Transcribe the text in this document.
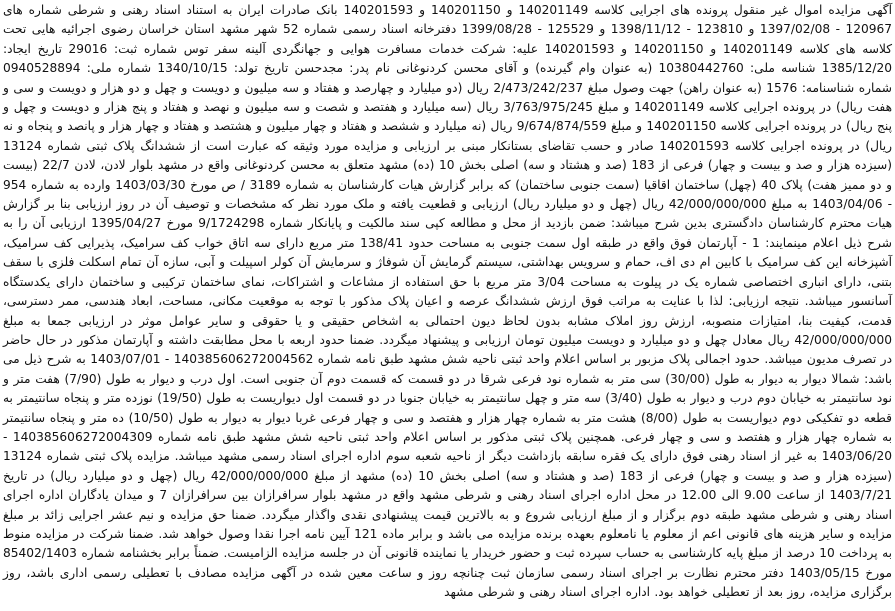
آگهی مزایده اموال غیر منقول پرونده های اجرایی کلاسه 140201149 و 140201150 و 140201593 بانک صادرات ایران به استناد اسناد رهنی و شرطی شماره های 120967 - 1397/02/08 و 123810 - 1398/11/12 و 125529 - 1399/08/28 دفترخانه اسناد رسمی شماره 52 شهر مشهد استان خراسان رضوی اجرائیه هایی تحت کلاسه های کلاسه 140201149 و 140201150 و 140201593 علیه: شرکت خدمات مسافرت هوایی و جهانگردی آلینه سفر توس شماره ثبت: 29016 تاریخ ایجاد: 1385/12/20 شناسه ملی: 10380442760 (به عنوان وام گیرنده) و آقای محسن کردنوغانی نام پدر: مجدحسن تاریخ تولد: 1340/10/15 شماره ملی: 0940528894 شماره شناسنامه: 1576 (به عنوان راهن) جهت وصول مبلغ 2/473/242/237 ریال (دو میلیارد و چهارصد و هفتاد و سه میلیون و دویست و چهل و دو هزار و دویست و سی و هفت ریال) در پرونده اجرایی کلاسه 140201149 و مبلغ 3/763/975/245 ریال (سه میلیارد و هفتصد و شصت و سه میلیون و نهصد و هفتاد و پنج هزار و دویست و چهل و پنج ریال) در پرونده اجرایی کلاسه 140201150 و مبلغ 9/674/874/559 ریال (نه میلیارد و ششصد و هفتاد و چهار میلیون و هشتصد و هفتاد و چهار هزار و پانصد و پنجاه و نه ریال) در پرونده اجرایی کلاسه 140201593 صادر و حسب تقاضای بستانکار مبنی بر ارزیابی و مزایده مورد وثیقه که عبارت است از ششدانگ پلاک ثبتی شماره 13124 (سیزده هزار و صد و بیست و چهار) فرعی از 183 (صد و هشتاد و سه) اصلی بخش 10 (ده) مشهد متعلق به محسن کردنوغانی واقع در مشهد بلوار لادن، لادن 22/7 (بیست و دو ممیز هفت) پلاک 40 (چهل) ساختمان اقاقیا (سمت جنوبی ساختمان) که برابر گزارش هیات کارشناسان به شماره 3189 / ص مورخ 1403/03/30 وارده به شماره 954 - 1403/04/06 به مبلغ 42/000/000/000 ریال (چهل و دو میلیارد ریال) ارزیابی و قطعیت یافته و ملک مورد نظر که مشخصات و توصیف آن در روز ارزیابی بنا بر گزارش هیات محترم کارشناسان دادگستری بدین شرح میباشد: ضمن بازدید از محل و مطالعه کپی سند مالکیت و پایانکار شماره 9/1724298 مورخ 1395/04/27 ارزیابی آن را به شرح ذیل اعلام مینمایند: 1 - آپارتمان فوق واقع در طبقه اول سمت جنوبی به مساحت حدود 138/41 متر مربع دارای سه اتاق خواب کف سرامیک، پذیرایی کف سرامیک، آشپزخانه این کف سرامیک با کابین ام دی اف، حمام و سرویس بهداشتی، سیستم گرمایش آن شوفاژ و سرمایش آن کولر اسپیلت و آبی، سازه آن تمام اسکلت فلزی با سقف بتنی، دارای انباری اختصاصی شماره یک در پیلوت به مساحت 3/04 متر مربع با حق استفاده از مشاعات و اشتراکات، نمای ساختمان ترکیبی و ساختمان دارای یکدستگاه آسانسور میباشد. نتیجه ارزیابی: لذا با عنایت به مراتب فوق ارزش ششدانگ عرصه و اعیان پلاک مذکور با توجه به موقعیت مکانی، مساحت، ابعاد هندسی، ممر دسترسی، قدمت، کیفیت بنا، امتیازات منصوبه، ارزش روز املاک مشابه بدون لحاظ دیون احتمالی به اشخاص حقیقی و یا حقوقی و سایر عوامل موثر در ارزیابی جمعا به مبلغ 42/000/000/000 ریال معادل چهل و دو میلیارد و دویست میلیون تومان ارزیابی و پیشنهاد میگردد. ضمنا حدود اربعه با محل مطابقت داشته و آپارتمان مذکور در حال حاضر در تصرف مدیون میباشد. حدود اجمالی پلاک مزبور بر اساس اعلام واحد ثبتی ناحیه شش مشهد طبق نامه شماره 140385606272004562 - 1403/07/01 به شرح ذیل می باشد: شمالا دیوار به دیوار به طول (30/00) سی متر به شماره نود فرعی شرقا در دو قسمت که قسمت دوم آن جنوبی است. اول درب و دیوار به طول (7/90) هفت متر و نود سانتیمتر به خیابان دوم درب و دیوار به طول (3/40) سه متر و چهل سانتیمتر به خیابان جنوبا در دو قسمت اول دیواریست به طول (19/50) نوزده متر و پنجاه سانتیمتر به قطعه دو تفکیکی دوم دیواریست به طول (8/00) هشت متر به شماره چهار هزار و هفتصد و سی و چهار فرعی غربا دیوار به دیوار به طول (10/50) ده متر و پنجاه سانتیمتر به شماره چهار هزار و هفتصد و سی و چهار فرعی. همچنین پلاک ثبتی مذکور بر اساس اعلام واحد ثبتی ناحیه شش مشهد طبق نامه شماره 140385606272004309 - 1403/06/20 به غیر از اسناد رهنی فوق دارای یک فقره سابقه بازداشت دیگر از ناحیه شعبه سوم اداره اجرای اسناد رسمی مشهد میباشد. مزایده پلاک ثبتی شماره 13124 (سیزده هزار و صد و بیست و چهار) فرعی از 183 (صد و هشتاد و سه) اصلی بخش 10 (ده) مشهد از مبلغ 42/000/000/000 ریال (چهل و دو میلیارد ریال) در تاریخ 1403/7/21 از ساعت 9.00 الی 12.00 در محل اداره اجرای اسناد رهنی و شرطی مشهد واقع در مشهد بلوار سرافرازان بین سرافرازان 7 و میدان یادگاران اداره اجرای اسناد رهنی و شرطی مشهد طبقه دوم برگزار و از مبلغ ارزیابی شروع و به بالاترین قیمت پیشنهادی نقدی واگذار میگردد. ضمنا حق مزایده و نیم عشر اجرایی زائد بر مبلغ مزایده و سایر هزینه های قانونی اعم از معلوم یا نامعلوم بعهده برنده مزایده می باشد و برابر ماده 121 آیین نامه اجرا نقدا وصول خواهد شد. ضمنا شرکت در مزایده منوط به پرداخت 10 درصد از مبلغ پایه کارشناسی به حساب سپرده ثبت و حضور خریدار یا نماینده قانونی آن در جلسه مزایده الزامیست. ضمناً برابر بخشنامه شماره 85402/1403 مورخ 1403/05/15 دفتر محترم نظارت بر اجرای اسناد رسمی سازمان ثبت چنانچه روز و ساعت معین شده در آگهی مزایده مصادف با تعطیلی رسمی اداری باشد، روز برگزاری مزایده، روز بعد از تعطیلی خواهد بود. اداره اجرای اسناد رهنی و شرطی مشهد
